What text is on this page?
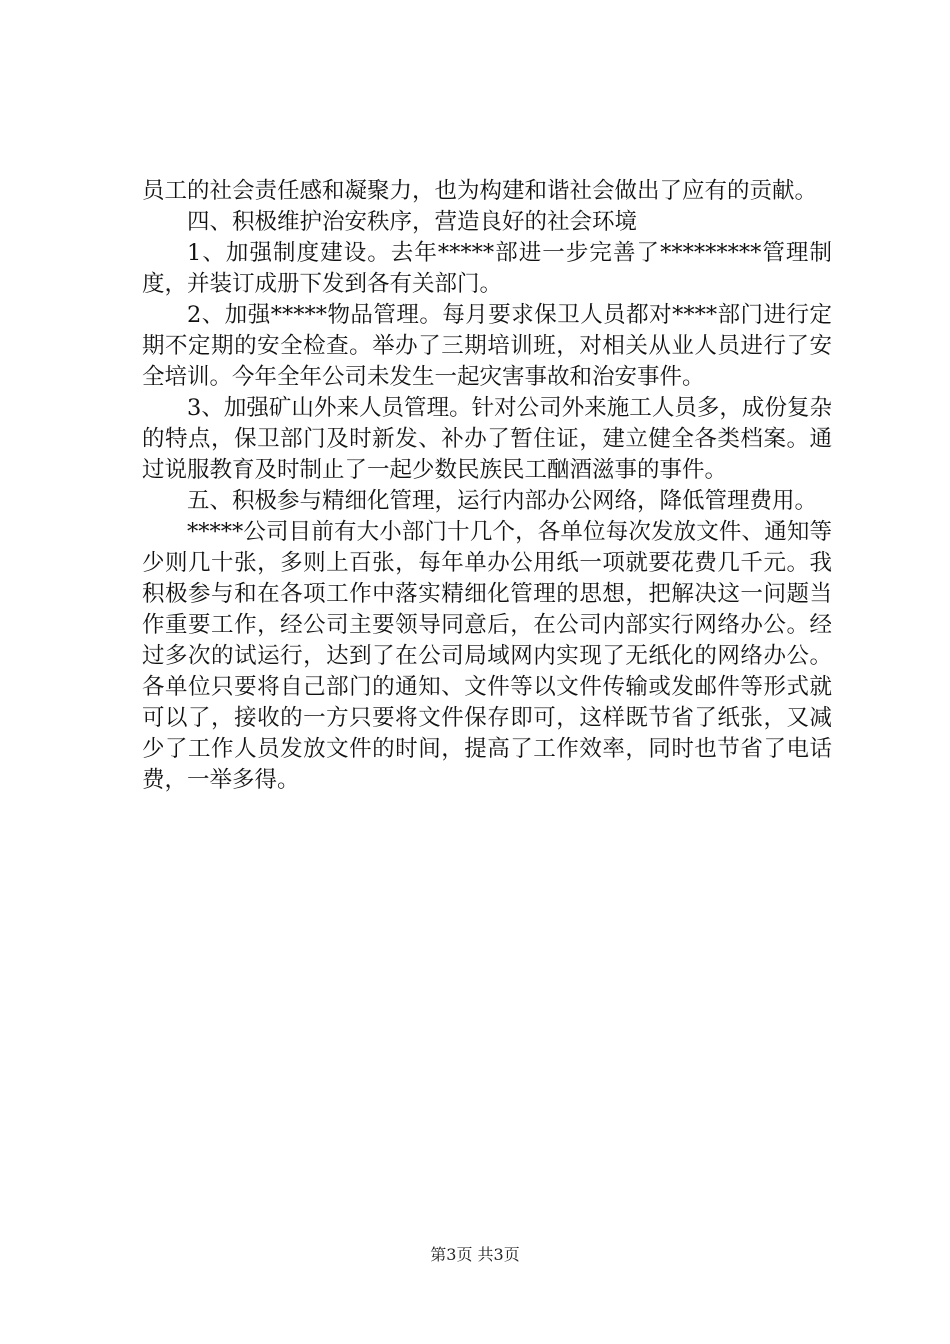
员工的社会责任感和凝聚力，也为构建和谐社会做出了应有的贡献。

四、积极维护治安秩序，营造良好的社会环境

1、加强制度建设。去年*****部进一步完善了*********管理制度，并装订成册下发到各有关部门。

2、加强*****物品管理。每月要求保卫人员都对****部门进行定期不定期的安全检查。举办了三期培训班，对相关从业人员进行了安全培训。今年全年公司未发生一起灾害事故和治安事件。

3、加强矿山外来人员管理。针对公司外来施工人员多，成份复杂的特点，保卫部门及时新发、补办了暂住证，建立健全各类档案。通过说服教育及时制止了一起少数民族民工酗酒滋事的事件。

五、积极参与精细化管理，运行内部办公网络，降低管理费用。

*****公司目前有大小部门十几个，各单位每次发放文件、通知等少则几十张，多则上百张，每年单办公用纸一项就要花费几千元。我积极参与和在各项工作中落实精细化管理的思想，把解决这一问题当作重要工作，经公司主要领导同意后，在公司内部实行网络办公。经过多次的试运行，达到了在公司局域网内实现了无纸化的网络办公。各单位只要将自己部门的通知、文件等以文件传输或发邮件等形式就可以了，接收的一方只要将文件保存即可，这样既节省了纸张，又减少了工作人员发放文件的时间，提高了工作效率，同时也节省了电话费，一举多得。

第3页 共3页
